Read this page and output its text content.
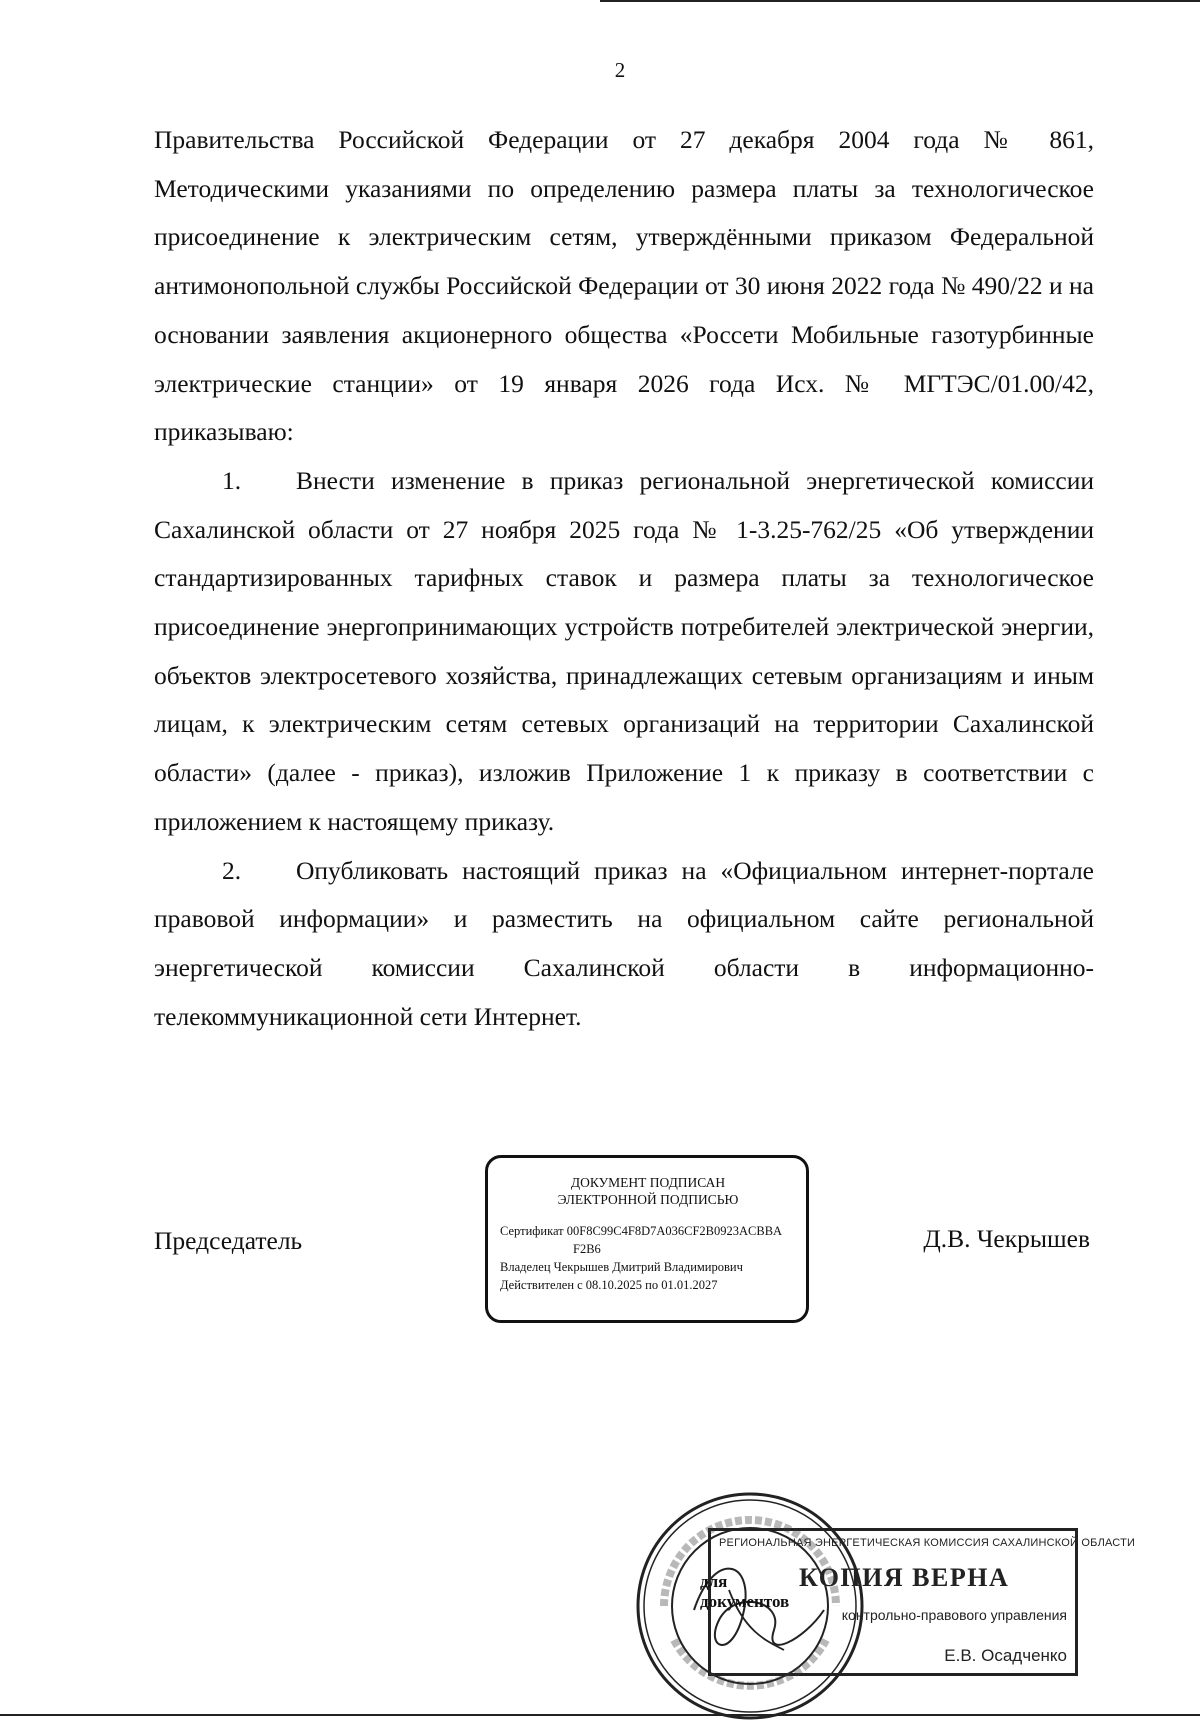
2

Правительства Российской Федерации от 27 декабря 2004 года № 861, Методическими указаниями по определению размера платы за технологическое присоединение к электрическим сетям, утверждёнными приказом Федеральной антимонопольной службы Российской Федерации от 30 июня 2022 года № 490/22 и на основании заявления акционерного общества «Россети Мобильные газотурбинные электрические станции» от 19 января 2026 года Исх. № МГТЭС/01.00/42, приказываю:

1. Внести изменение в приказ региональной энергетической комиссии Сахалинской области от 27 ноября 2025 года № 1-3.25-762/25 «Об утверждении стандартизированных тарифных ставок и размера платы за технологическое присоединение энергопринимающих устройств потребителей электрической энергии, объектов электросетевого хозяйства, принадлежащих сетевым организациям и иным лицам, к электрическим сетям сетевых организаций на территории Сахалинской области» (далее - приказ), изложив Приложение 1 к приказу в соответствии с приложением к настоящему приказу.

2. Опубликовать настоящий приказ на «Официальном интернет-портале правовой информации» и разместить на официальном сайте региональной энергетической комиссии Сахалинской области в информационно-телекоммуникационной сети Интернет.

Председатель	Д.В. Чекрышев
ДОКУМЕНТ ПОДПИСАН
ЭЛЕКТРОННОЙ ПОДПИСЬЮ
Сертификат 00F8C99C4F8D7A036CF2B0923ACBBA
F2B6
Владелец Чекрышев Дмитрий Владимирович
Действителен с 08.10.2025 по 01.01.2027
РЕГИОНАЛЬНАЯ ЭНЕРГЕТИЧЕСКАЯ КОМИССИЯ САХАЛИНСКОЙ ОБЛАСТИ
КОПИЯ ВЕРНА
контрольно-правового управления
Е.В. Осадченко
для документов
